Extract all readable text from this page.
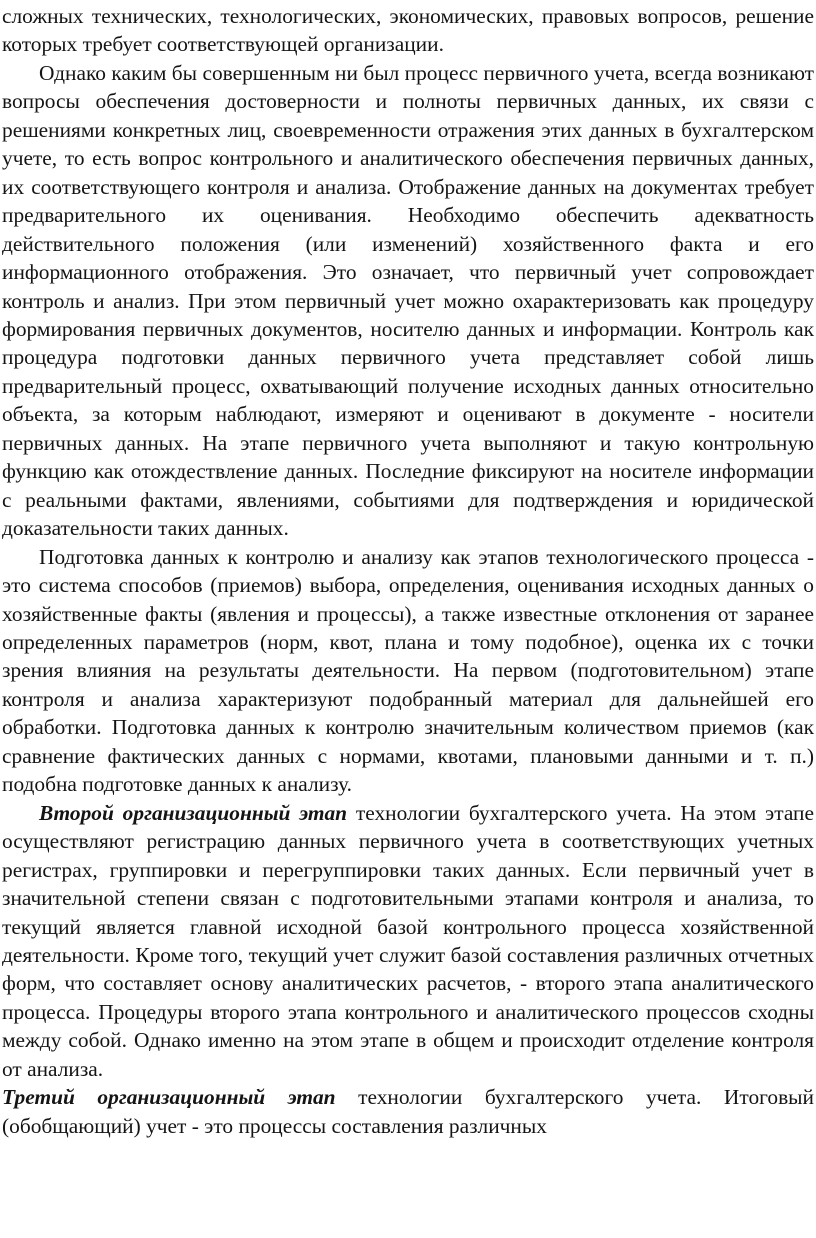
сложных технических, технологических, экономических, правовых вопросов, решение которых требует соответствующей организации.

Однако каким бы совершенным ни был процесс первичного учета, всегда возникают вопросы обеспечения достоверности и полноты первичных данных, их связи с решениями конкретных лиц, своевременности отражения этих данных в бухгалтерском учете, то есть вопрос контрольного и аналитического обеспечения первичных данных, их соответствующего контроля и анализа. Отображение данных на документах требует предварительного их оценивания. Необходимо обеспечить адекватность действительного положения (или изменений) хозяйственного факта и его информационного отображения. Это означает, что первичный учет сопровождает контроль и анализ. При этом первичный учет можно охарактеризовать как процедуру формирования первичных документов, носителю данных и информации. Контроль как процедура подготовки данных первичного учета представляет собой лишь предварительный процесс, охватывающий получение исходных данных относительно объекта, за которым наблюдают, измеряют и оценивают в документе - носители первичных данных. На этапе первичного учета выполняют и такую контрольную функцию как отождествление данных. Последние фиксируют на носителе информации с реальными фактами, явлениями, событиями для подтверждения и юридической доказательности таких данных.

Подготовка данных к контролю и анализу как этапов технологического процесса - это система способов (приемов) выбора, определения, оценивания исходных данных о хозяйственные факты (явления и процессы), а также известные отклонения от заранее определенных параметров (норм, квот, плана и тому подобное), оценка их с точки зрения влияния на результаты деятельности. На первом (подготовительном) этапе контроля и анализа характеризуют подобранный материал для дальнейшей его обработки. Подготовка данных к контролю значительным количеством приемов (как сравнение фактических данных с нормами, квотами, плановыми данными и т. п.) подобна подготовке данных к анализу.

Второй организационный этап технологии бухгалтерского учета. На этом этапе осуществляют регистрацию данных первичного учета в соответствующих учетных регистрах, группировки и перегруппировки таких данных. Если первичный учет в значительной степени связан с подготовительными этапами контроля и анализа, то текущий является главной исходной базой контрольного процесса хозяйственной деятельности. Кроме того, текущий учет служит базой составления различных отчетных форм, что составляет основу аналитических расчетов, - второго этапа аналитического процесса. Процедуры второго этапа контрольного и аналитического процессов сходны между собой. Однако именно на этом этапе в общем и происходит отделение контроля от анализа.

Третий организационный этап технологии бухгалтерского учета. Итоговый (обобщающий) учет - это процессы составления различных
